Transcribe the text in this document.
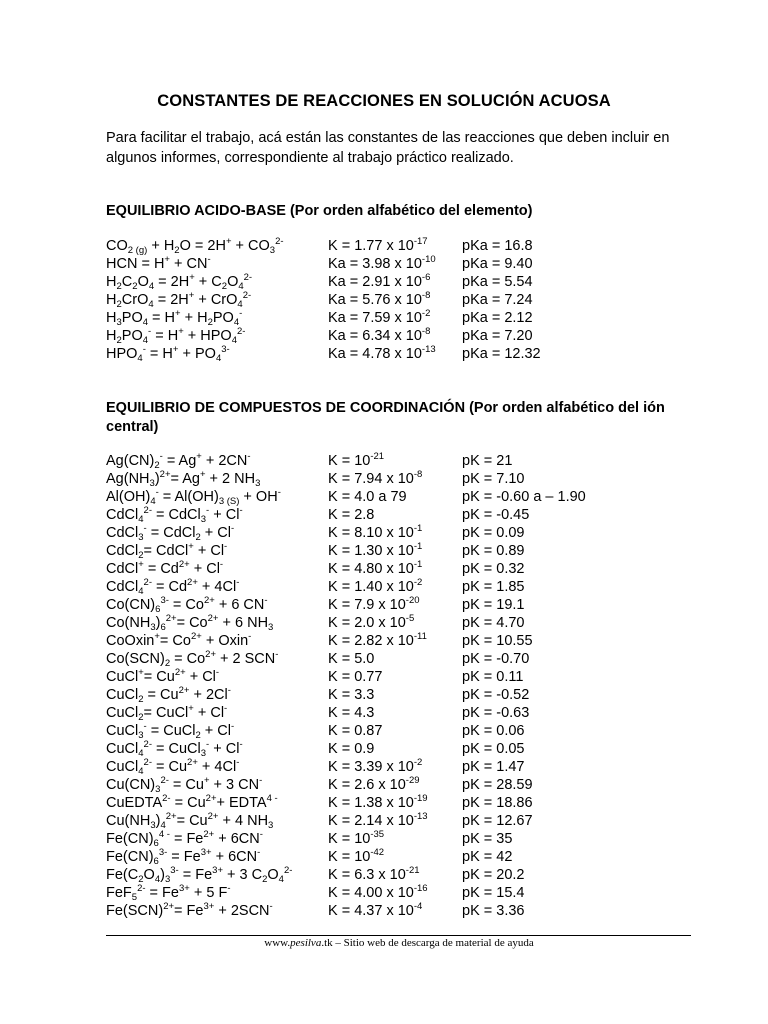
CONSTANTES DE REACCIONES EN SOLUCIÓN ACUOSA
Para facilitar el trabajo, acá están las constantes de las reacciones que deben incluir en algunos informes, correspondiente al trabajo práctico realizado.
EQUILIBRIO ACIDO-BASE (Por orden alfabético del elemento)
$CO_{2 (g)} + H_2O = 2H^+ + CO_3^{2-}$	K = 1.77 x $10^{-17}$ pKa = 16.8
HCN = H+ + CN-	Ka = 3.98 x $10^{-10}$ pKa = 9.40
$H_2C_2O_4 = 2H^+ + C_2O_4^{2-}$	Ka = 2.91 x $10^{-6}$ pKa = 5.54
$H_2CrO_4 = 2H^+ + CrO_4^{2-}$	Ka = 5.76 x $10^{-8}$ pKa = 7.24
$H_3PO_4 = H^+ + H_2PO_4^-$	Ka = 7.59 x $10^{-2}$ pKa = 2.12
$H_2PO_4^- = H^+ + HPO_4^{2-}$	Ka = 6.34 x $10^{-8}$ pKa = 7.20
$HPO_4^- = H^+ + PO_4^{3-}$	Ka = 4.78 x $10^{-13}$ pKa = 12.32
EQUILIBRIO DE COMPUESTOS DE COORDINACIÓN (Por orden alfabético del ión central)
$Ag(CN)_2^- = Ag^+ + 2CN^-$	$K = 10^{-21}$	pK = 21
$Ag(NH_3)^{2+}= Ag^+ + 2$ $NH_3$	K = 7.94 x $10^{-8}$	pK = 7.10
$Al(OH)_4^- = Al(OH)_{3 (S)} + OH^-$	K = 4.0 a 79	pK = -0.60 a – 1.90
CdCl$_4^{2-}$ = CdCl$_3$- + Cl-	K = 2.8	pK = -0.45
CdCl$_3$- = CdCl$_2$ + Cl-	K = 8.10 x $10^{-1}$	pK = 0.09
CdCl$_2$= CdCl+ + Cl-	K = 1.30 x $10^{-1}$	pK = 0.89
CdCl+ = $Cd^{2+} + Cl^-$	K = 4.80 x $10^{-1}$	pK = 0.32
CdCl$_4^{2-}$ = $Cd^{2+} + 4Cl^-$	K = 1.40 x $10^{-2}$	pK = 1.85
$Co(CN)_6^{3-} = Co^{2+} + 6$ CN-	K = 7.9 x $10^{-20}$	pK = 19.1
$Co(NH_3)_6^{2+}= Co^{2+} + 6$ $NH_3$	K = 2.0 x $10^{-5}$	pK = 4.70
CoOxin+= $Co^{2+}$ + Oxin-	K = 2.82 x $10^{-11}$ pK = 10.55
$Co(SCN)_2 = Co^{2+} + 2$ SCN-	K = 5.0	pK = -0.70
CuCl+= $Cu^{2+} + Cl^-$	K = 0.77	pK = 0.11
CuCl$_2$ = $Cu^{2+} + 2Cl^-$	K = 3.3	pK = -0.52
CuCl$_2$= CuCl+ + Cl-	K = 4.3	pK = -0.63
CuCl$_3$- = CuCl$_2$ + Cl-	K = 0.87	pK = 0.06
CuCl$_4^{2-}$ = CuCl$_3$- + Cl-	K = 0.9	pK = 0.05
CuCl$_4^{2-}$ = $Cu^{2+} + 4Cl^-$	K = 3.39 x $10^{-2}$	pK = 1.47
$Cu(CN)_3^{2-} = Cu^+ + 3$ CN-	K = 2.6 x $10^{-29}$	pK = 28.59
CuEDTA$^{2-}$ = $Cu^{2+}+$ $EDTA^{4 -}$	K = 1.38 x $10^{-19}$ pK = 18.86
$Cu(NH_3)_4^{2+}= Cu^{2+} + 4$ $NH_3$	K = 2.14 x $10^{-13}$ pK = 12.67
$Fe(CN)_6^{4 -} = Fe^{2+} + 6CN^-$	$K = 10^{-35}$	pK = 35
$Fe(CN)_6^{3-} = Fe^{3+} + 6CN^-$	$K = 10^{-42}$	pK = 42
$Fe(C_2O_4)_3^{3-} = Fe^{3+} + 3$ $C_2O_4^{2-}$ K = 6.3 x $10^{-21}$	pK = 20.2
$FeF_5^{2-} = Fe^{3+} + 5$ F-	K = 4.00 x $10^{-16}$ pK = 15.4
$Fe(SCN)^{2+}= Fe^{3+} + 2SCN^-$	K = 4.37 x $10^{-4}$	pK = 3.36
www.pesilva.tk – Sitio web de descarga de material de ayuda
